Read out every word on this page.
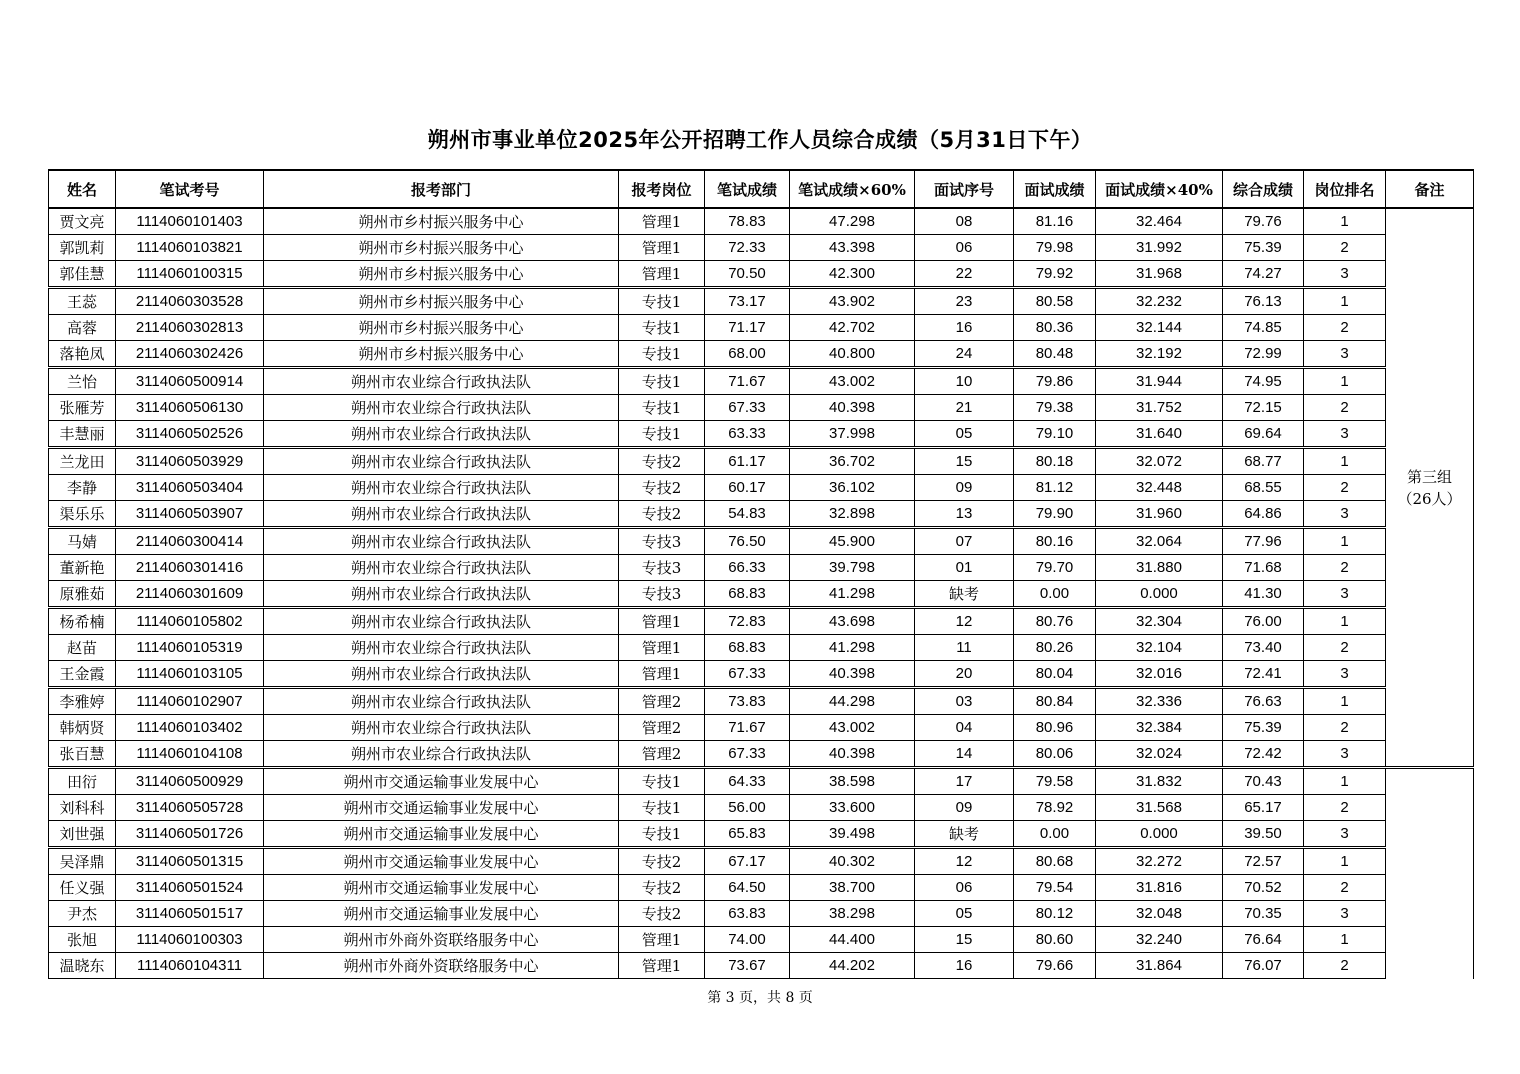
朔州市事业单位2025年公开招聘工作人员综合成绩（5月31日下午）
姓名	笔试考号	报考部门	报考岗位	笔试成绩	笔试成绩×60%	面试序号	面试成绩	面试成绩×40%	综合成绩	岗位排名	备注
贾文亮	1114060101403	朔州市乡村振兴服务中心	管理1	78.83	47.298	08	81.16	32.464	79.76	1	第三组
（26人）

郭凯莉	1114060103821	朔州市乡村振兴服务中心	管理1	72.33	43.398	06	79.98	31.992	75.39	2	
郭佳慧	1114060100315	朔州市乡村振兴服务中心	管理1	70.50	42.300	22	79.92	31.968	74.27	3	
王蕊	2114060303528	朔州市乡村振兴服务中心	专技1	73.17	43.902	23	80.58	32.232	76.13	1	
高蓉	2114060302813	朔州市乡村振兴服务中心	专技1	71.17	42.702	16	80.36	32.144	74.85	2	
落艳凤	2114060302426	朔州市乡村振兴服务中心	专技1	68.00	40.800	24	80.48	32.192	72.99	3	
兰怡	3114060500914	朔州市农业综合行政执法队	专技1	71.67	43.002	10	79.86	31.944	74.95	1	
张雁芳	3114060506130	朔州市农业综合行政执法队	专技1	67.33	40.398	21	79.38	31.752	72.15	2	
丰慧丽	3114060502526	朔州市农业综合行政执法队	专技1	63.33	37.998	05	79.10	31.640	69.64	3	
兰龙田	3114060503929	朔州市农业综合行政执法队	专技2	61.17	36.702	15	80.18	32.072	68.77	1	
李静	3114060503404	朔州市农业综合行政执法队	专技2	60.17	36.102	09	81.12	32.448	68.55	2	
渠乐乐	3114060503907	朔州市农业综合行政执法队	专技2	54.83	32.898	13	79.90	31.960	64.86	3	
马婧	2114060300414	朔州市农业综合行政执法队	专技3	76.50	45.900	07	80.16	32.064	77.96	1	
董新艳	2114060301416	朔州市农业综合行政执法队	专技3	66.33	39.798	01	79.70	31.880	71.68	2	
原雅茹	2114060301609	朔州市农业综合行政执法队	专技3	68.83	41.298	缺考	0.00	0.000	41.30	3	
杨希楠	1114060105802	朔州市农业综合行政执法队	管理1	72.83	43.698	12	80.76	32.304	76.00	1	
赵苗	1114060105319	朔州市农业综合行政执法队	管理1	68.83	41.298	11	80.26	32.104	73.40	2	
王金霞	1114060103105	朔州市农业综合行政执法队	管理1	67.33	40.398	20	80.04	32.016	72.41	3	
李雅婷	1114060102907	朔州市农业综合行政执法队	管理2	73.83	44.298	03	80.84	32.336	76.63	1	
韩炳贤	1114060103402	朔州市农业综合行政执法队	管理2	71.67	43.002	04	80.96	32.384	75.39	2	
张百慧	1114060104108	朔州市农业综合行政执法队	管理2	67.33	40.398	14	80.06	32.024	72.42	3	
田衍	3114060500929	朔州市交通运输事业发展中心	专技1	64.33	38.598	17	79.58	31.832	70.43	1	
刘科科	3114060505728	朔州市交通运输事业发展中心	专技1	56.00	33.600	09	78.92	31.568	65.17	2	
刘世强	3114060501726	朔州市交通运输事业发展中心	专技1	65.83	39.498	缺考	0.00	0.000	39.50	3	
吴泽鼎	3114060501315	朔州市交通运输事业发展中心	专技2	67.17	40.302	12	80.68	32.272	72.57	1	
任义强	3114060501524	朔州市交通运输事业发展中心	专技2	64.50	38.700	06	79.54	31.816	70.52	2	
尹杰	3114060501517	朔州市交通运输事业发展中心	专技2	63.83	38.298	05	80.12	32.048	70.35	3	
张旭	1114060100303	朔州市外商外资联络服务中心	管理1	74.00	44.400	15	80.60	32.240	76.64	1	
温晓东	1114060104311	朔州市外商外资联络服务中心	管理1	73.67	44.202	16	79.66	31.864	76.07	2	
第 3 页，共 8 页
